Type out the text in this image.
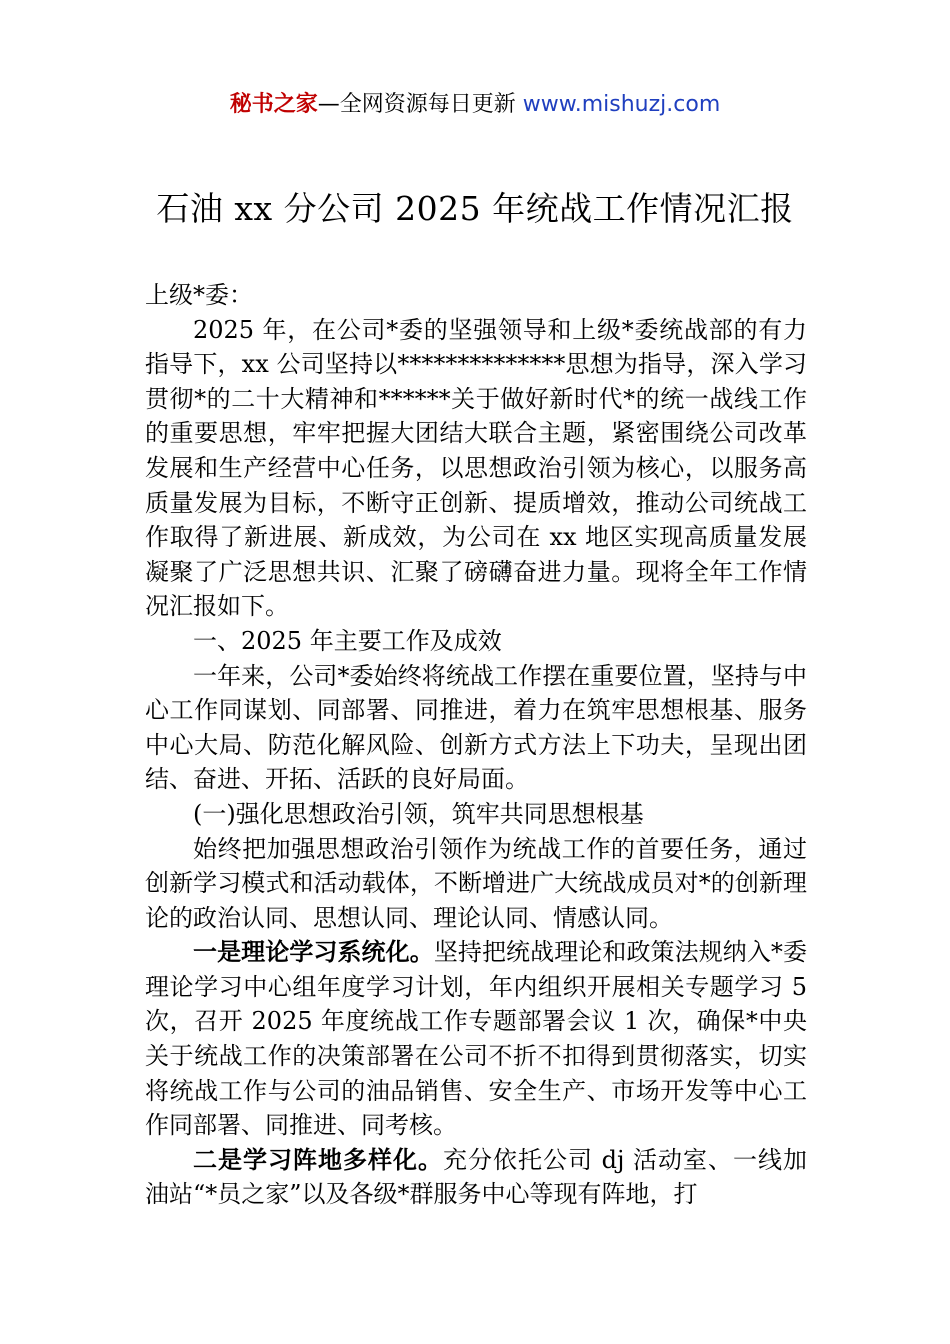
秘书之家—全网资源每日更新 www.mishuzj.com
石油 xx 分公司 2025 年统战工作情况汇报

上级*委：

2025 年，在公司*委的坚强领导和上级*委统战部的有力指导下，xx 公司坚持以**************思想为指导，深入学习贯彻*的二十大精神和******关于做好新时代*的统一战线工作的重要思想，牢牢把握大团结大联合主题，紧密围绕公司改革发展和生产经营中心任务，以思想政治引领为核心，以服务高质量发展为目标，不断守正创新、提质增效，推动公司统战工作取得了新进展、新成效，为公司在 xx 地区实现高质量发展凝聚了广泛思想共识、汇聚了磅礴奋进力量。现将全年工作情况汇报如下。

一、2025 年主要工作及成效

一年来，公司*委始终将统战工作摆在重要位置，坚持与中心工作同谋划、同部署、同推进，着力在筑牢思想根基、服务中心大局、防范化解风险、创新方式方法上下功夫，呈现出团结、奋进、开拓、活跃的良好局面。

(一)强化思想政治引领，筑牢共同思想根基

始终把加强思想政治引领作为统战工作的首要任务，通过创新学习模式和活动载体，不断增进广大统战成员对*的创新理论的政治认同、思想认同、理论认同、情感认同。

一是理论学习系统化。坚持把统战理论和政策法规纳入*委理论学习中心组年度学习计划，年内组织开展相关专题学习 5 次，召开 2025 年度统战工作专题部署会议 1 次，确保*中央关于统战工作的决策部署在公司不折不扣得到贯彻落实，切实将统战工作与公司的油品销售、安全生产、市场开发等中心工作同部署、同推进、同考核。

二是学习阵地多样化。充分依托公司 dj 活动室、一线加油站“*员之家”以及各级*群服务中心等现有阵地，打
